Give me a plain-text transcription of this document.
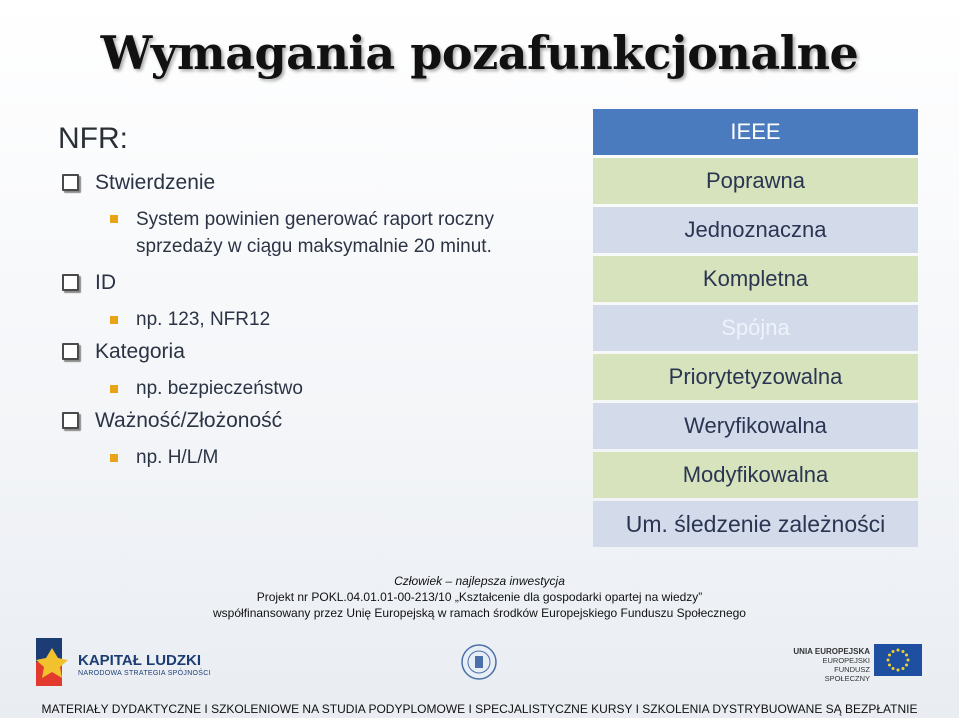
Wymagania pozafunkcjonalne
NFR:
Stwierdzenie
System powinien generować raport roczny
sprzedaży w ciągu maksymalnie 20 minut.
ID
np. 123, NFR12
Kategoria
np. bezpieczeństwo
Ważność/Złożoność
np. H/L/M
IEEE
Poprawna
Jednoznaczna
Kompletna
Spójna
Priorytetyzowalna
Weryfikowalna
Modyfikowalna
Um. śledzenie zależności
Człowiek – najlepsza inwestycja
Projekt nr POKL.04.01.01-00-213/10 „Kształcenie dla gospodarki opartej na wiedzy”
współfinansowany przez Unię Europejską w ramach środków Europejskiego Funduszu Społecznego
KAPITAŁ LUDZKI
NARODOWA STRATEGIA SPÓJNOŚCI
UNIA EUROPEJSKA
EUROPEJSKI
FUNDUSZ SPOŁECZNY
MATERIAŁY DYDAKTYCZNE I SZKOLENIOWE NA STUDIA PODYPLOMOWE I SPECJALISTYCZNE KURSY I SZKOLENIA DYSTRYBUOWANE SĄ BEZPŁATNIE
